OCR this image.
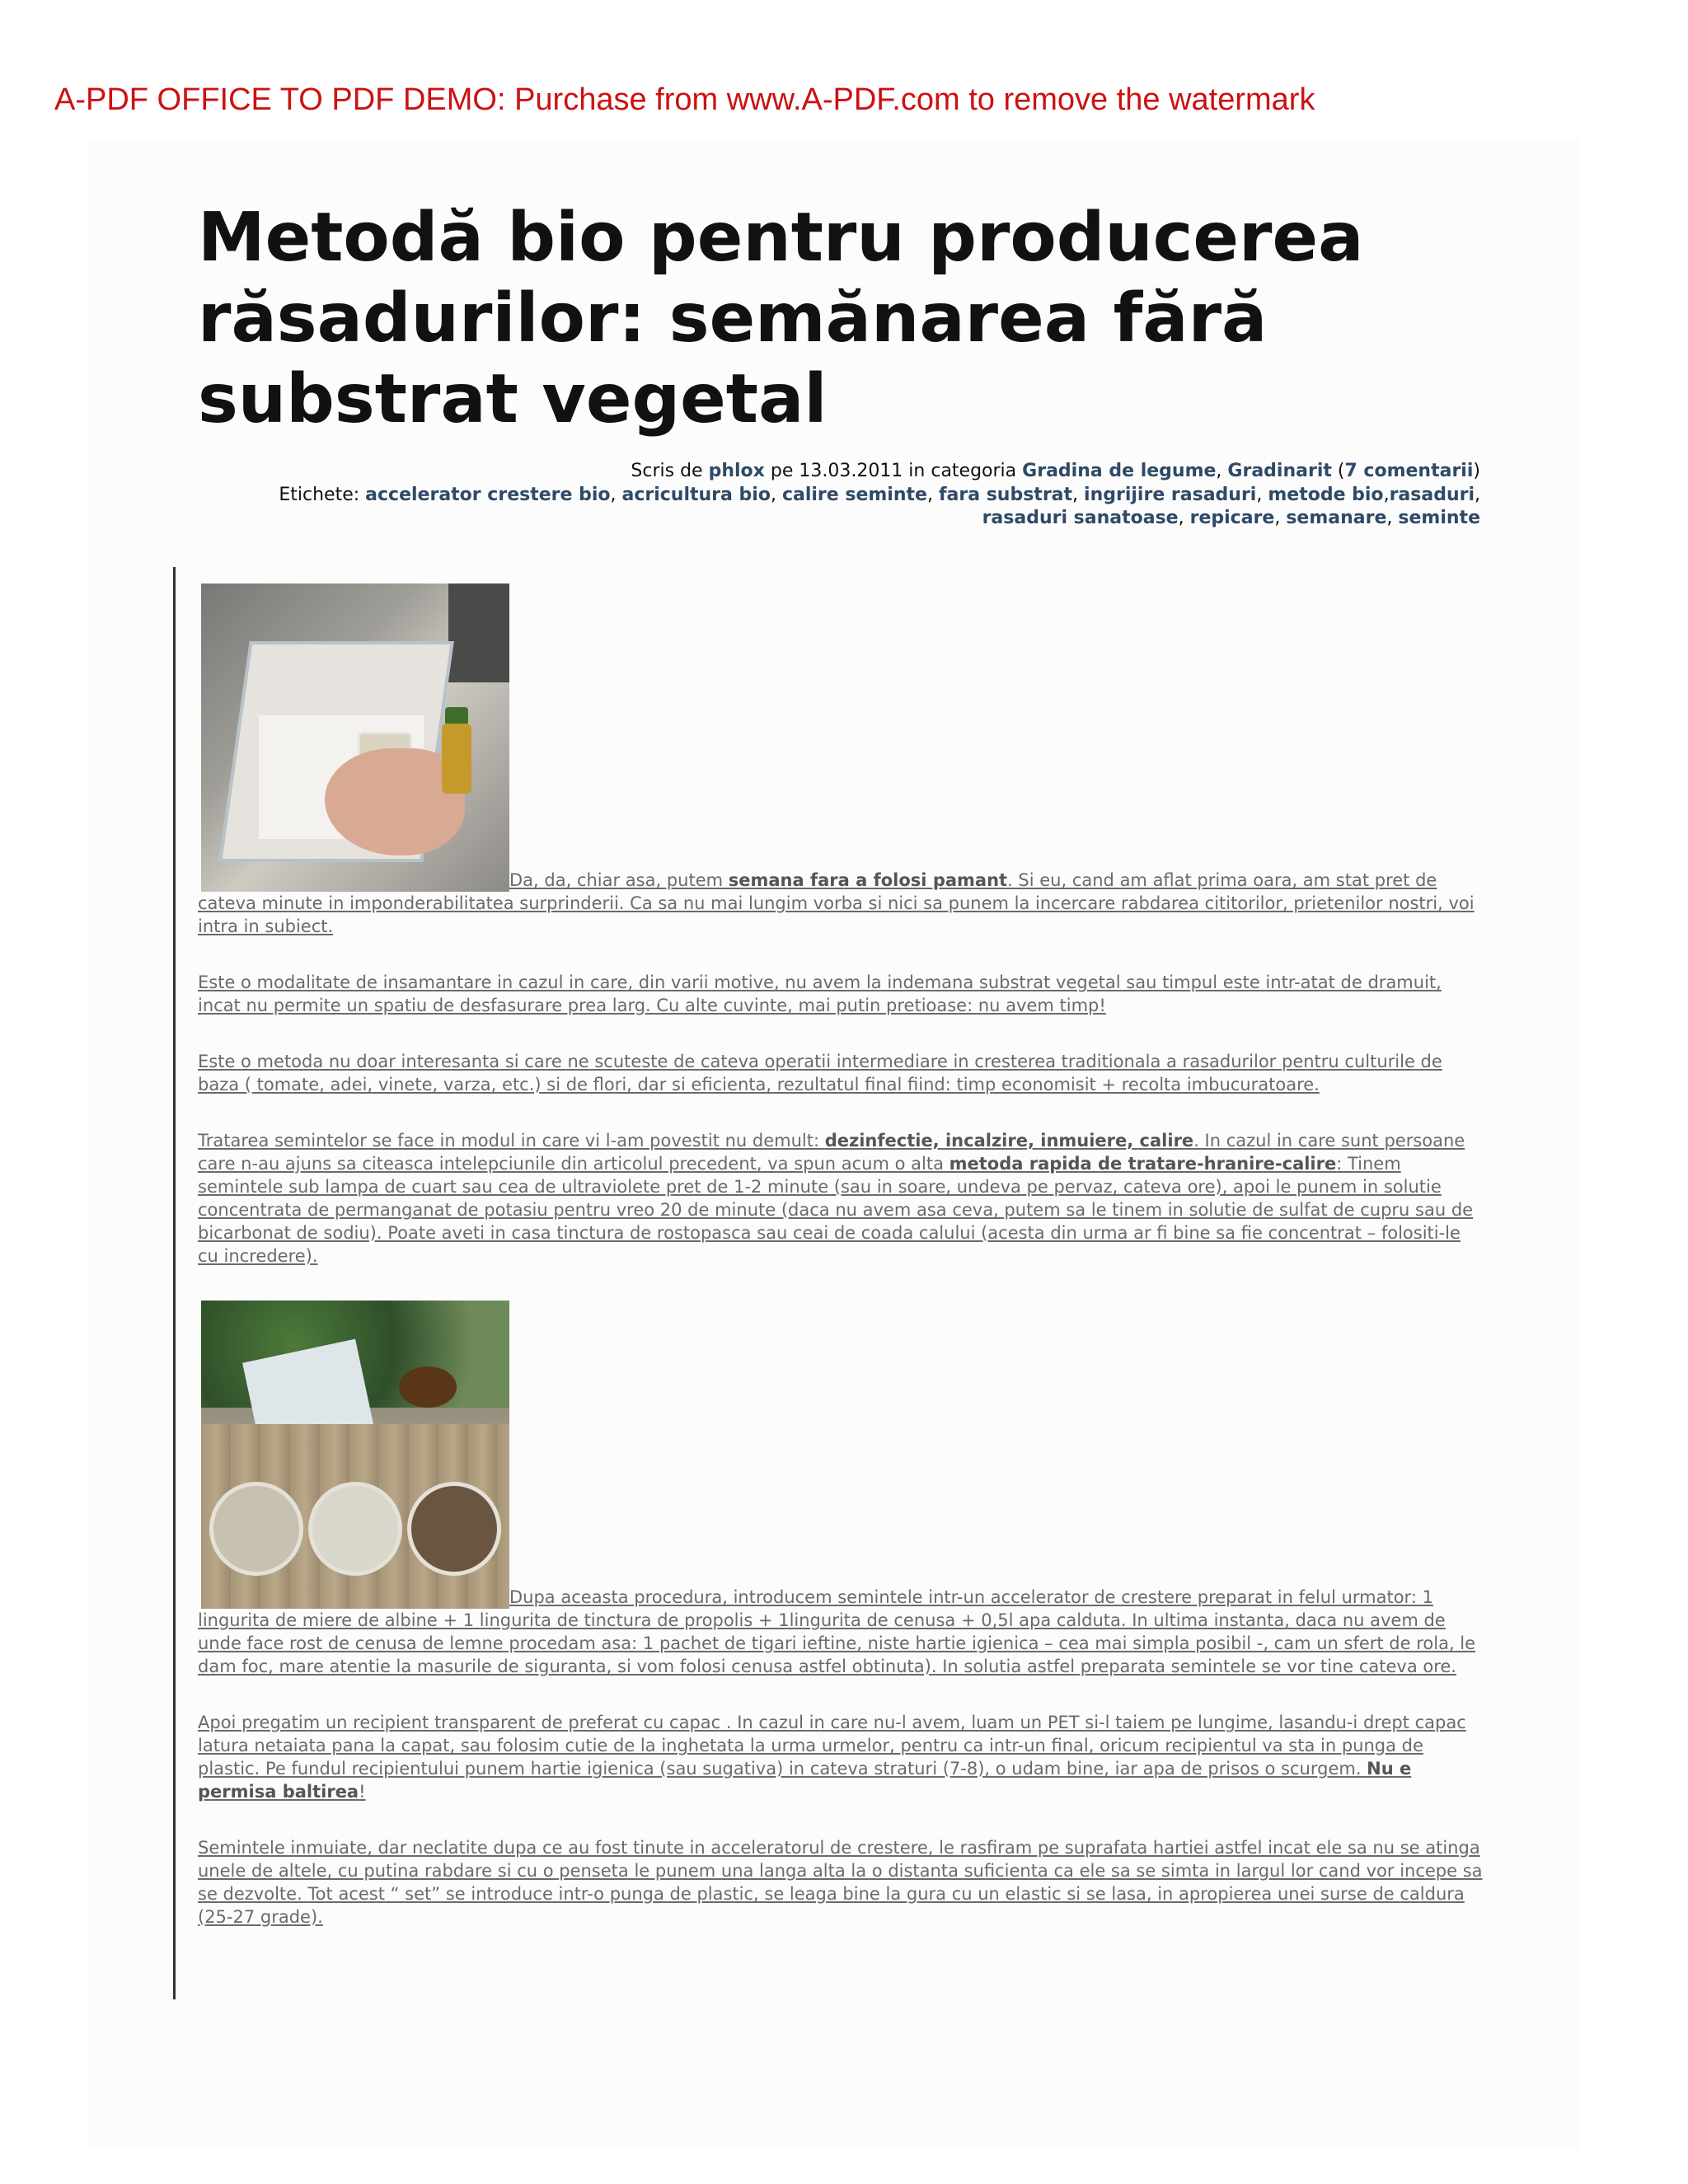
A-PDF OFFICE TO PDF DEMO: Purchase from www.A-PDF.com to remove the watermark
Metodă bio pentru producerea răsadurilor: semănarea fără substrat vegetal
Scris de phlox pe 13.03.2011 in categoria Gradina de legume, Gradinarit (7 comentarii)
Etichete: accelerator crestere bio, acricultura bio, calire seminte, fara substrat, ingrijire rasaduri, metode bio,rasaduri, rasaduri sanatoase, repicare, semanare, seminte

Da, da, chiar asa, putem semana fara a folosi pamant. Si eu, cand am aflat prima oara, am stat pret de cateva minute in imponderabilitatea surprinderii. Ca sa nu mai lungim vorba si nici sa punem la incercare rabdarea cititorilor, prietenilor nostri, voi intra in subiect.

Este o modalitate de insamantare in cazul in care, din varii motive, nu avem la indemana substrat vegetal sau timpul este intr-atat de dramuit, incat nu permite un spatiu de desfasurare prea larg. Cu alte cuvinte, mai putin pretioase: nu avem timp!

Este o metoda nu doar interesanta si care ne scuteste de cateva operatii intermediare in cresterea traditionala a rasadurilor pentru culturile de baza ( tomate, adei, vinete, varza, etc.) si de flori, dar si eficienta, rezultatul final fiind: timp economisit + recolta imbucuratoare.

Tratarea semintelor se face in modul in care vi l-am povestit nu demult: dezinfectie, incalzire, inmuiere, calire. In cazul in care sunt persoane care n-au ajuns sa citeasca intelepciunile din articolul precedent, va spun acum o alta metoda rapida de tratare-hranire-calire: Tinem semintele sub lampa de cuart sau cea de ultraviolete pret de 1-2 minute (sau in soare, undeva pe pervaz, cateva ore), apoi le punem in solutie concentrata de permanganat de potasiu pentru vreo 20 de minute (daca nu avem asa ceva, putem sa le tinem in solutie de sulfat de cupru sau de bicarbonat de sodiu). Poate aveti in casa tinctura de rostopasca sau ceai de coada calului (acesta din urma ar fi bine sa fie concentrat – folositi-le cu incredere).

Dupa aceasta procedura, introducem semintele intr-un accelerator de crestere preparat in felul urmator: 1 lingurita de miere de albine + 1 lingurita de tinctura de propolis + 1lingurita de cenusa + 0,5l apa calduta. In ultima instanta, daca nu avem de unde face rost de cenusa de lemne procedam asa: 1 pachet de tigari ieftine, niste hartie igienica – cea mai simpla posibil -, cam un sfert de rola, le dam foc, mare atentie la masurile de siguranta, si vom folosi cenusa astfel obtinuta). In solutia astfel preparata semintele se vor tine cateva ore.

Apoi pregatim un recipient transparent de preferat cu capac . In cazul in care nu-l avem, luam un PET si-l taiem pe lungime, lasandu-i drept capac latura netaiata pana la capat, sau folosim cutie de la inghetata la urma urmelor, pentru ca intr-un final, oricum recipientul va sta in punga de plastic. Pe fundul recipientului punem hartie igienica (sau sugativa) in cateva straturi (7-8), o udam bine, iar apa de prisos o scurgem. Nu e permisa baltirea!

Semintele inmuiate, dar neclatite dupa ce au fost tinute in acceleratorul de crestere, le rasfiram pe suprafata hartiei astfel incat ele sa nu se atinga unele de altele, cu putina rabdare si cu o penseta le punem una langa alta la o distanta suficienta ca ele sa se simta in largul lor cand vor incepe sa se dezvolte. Tot acest “ set” se introduce intr-o punga de plastic, se leaga bine la gura cu un elastic si se lasa, in apropierea unei surse de caldura (25-27 grade).
